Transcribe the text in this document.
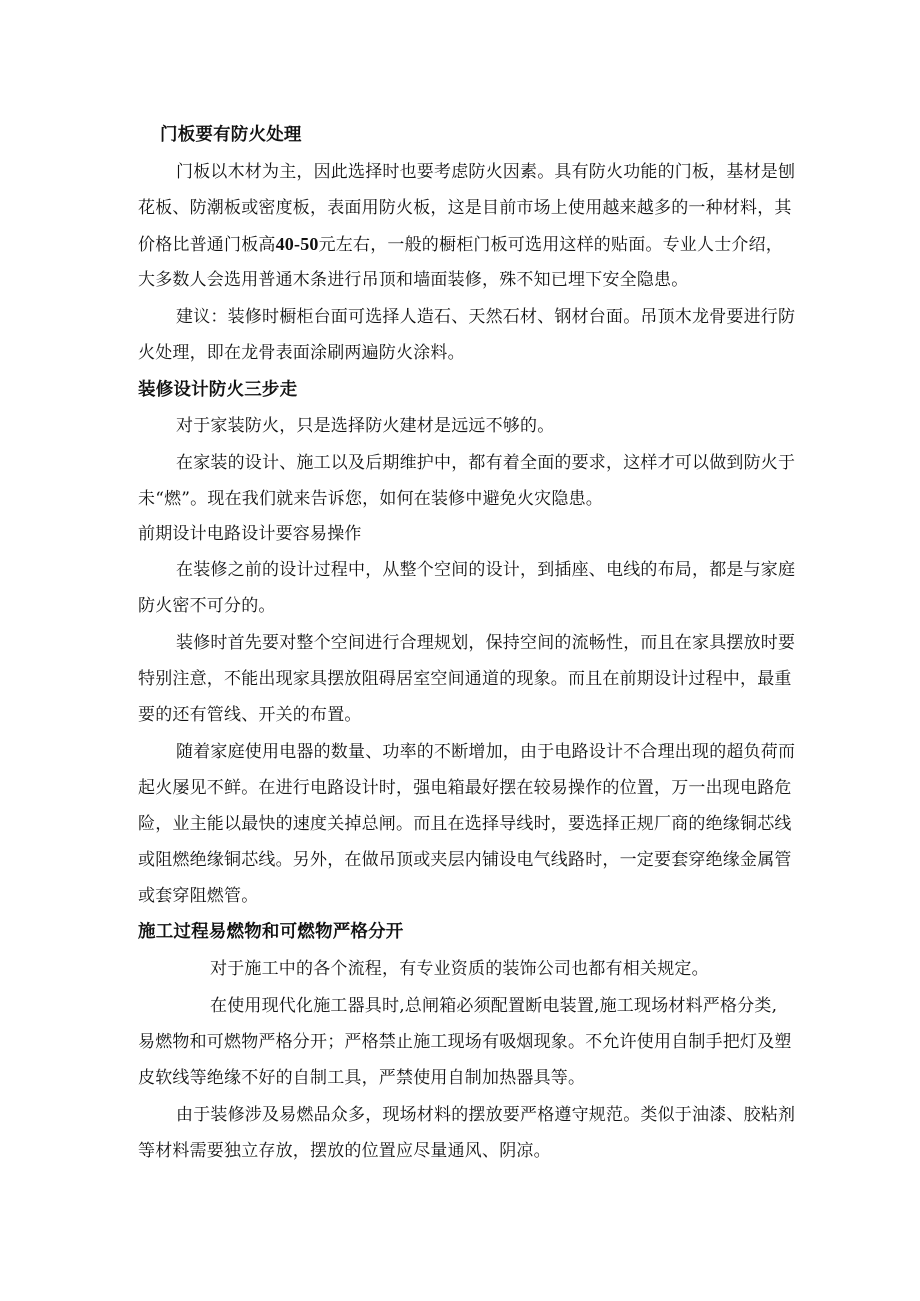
门板要有防火处理
门板以木材为主，因此选择时也要考虑防火因素。具有防火功能的门板，基材是刨
花板、防潮板或密度板，表面用防火板，这是目前市场上使用越来越多的一种材料，其
价格比普通门板高40-50元左右，一般的橱柜门板可选用这样的贴面。专业人士介绍，
大多数人会选用普通木条进行吊顶和墙面装修，殊不知已埋下安全隐患。
建议：装修时橱柜台面可选择人造石、天然石材、钢材台面。吊顶木龙骨要进行防
火处理，即在龙骨表面涂刷两遍防火涂料。
装修设计防火三步走
对于家装防火，只是选择防火建材是远远不够的。
在家装的设计、施工以及后期维护中，都有着全面的要求，这样才可以做到防火于
未“燃”。现在我们就来告诉您，如何在装修中避免火灾隐患。
前期设计电路设计要容易操作
在装修之前的设计过程中，从整个空间的设计，到插座、电线的布局，都是与家庭
防火密不可分的。
装修时首先要对整个空间进行合理规划，保持空间的流畅性，而且在家具摆放时要
特别注意，不能出现家具摆放阻碍居室空间通道的现象。而且在前期设计过程中，最重
要的还有管线、开关的布置。
随着家庭使用电器的数量、功率的不断增加，由于电路设计不合理出现的超负荷而
起火屡见不鲜。在进行电路设计时，强电箱最好摆在较易操作的位置，万一出现电路危
险，业主能以最快的速度关掉总闸。而且在选择导线时，要选择正规厂商的绝缘铜芯线
或阻燃绝缘铜芯线。另外，在做吊顶或夹层内铺设电气线路时，一定要套穿绝缘金属管
或套穿阻燃管。
施工过程易燃物和可燃物严格分开
对于施工中的各个流程，有专业资质的装饰公司也都有相关规定。
在使用现代化施工器具时,总闸箱必须配置断电装置,施工现场材料严格分类,
易燃物和可燃物严格分开；严格禁止施工现场有吸烟现象。不允许使用自制手把灯及塑
皮软线等绝缘不好的自制工具，严禁使用自制加热器具等。
由于装修涉及易燃品众多，现场材料的摆放要严格遵守规范。类似于油漆、胶粘剂
等材料需要独立存放，摆放的位置应尽量通风、阴凉。
